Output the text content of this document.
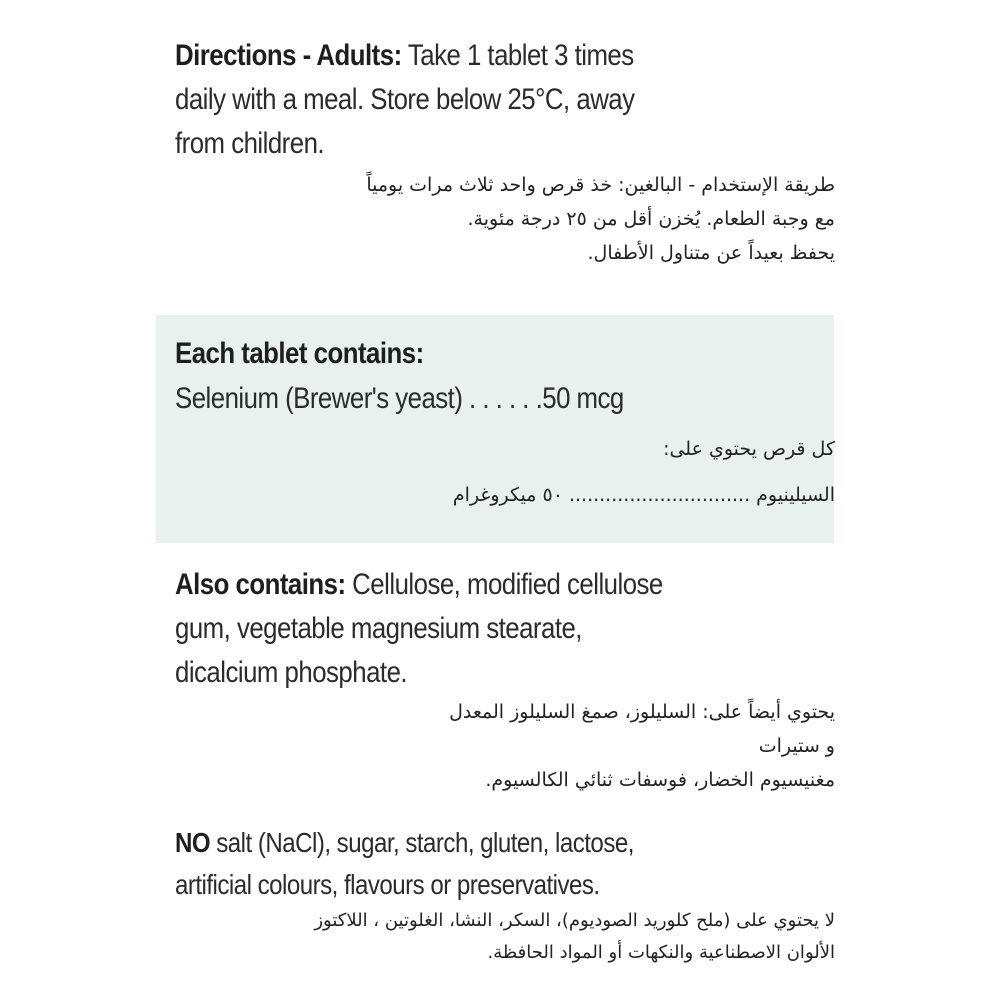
Directions - Adults: Take 1 tablet 3 times
daily with a meal. Store below 25°C, away
from children.
طريقة الإستخدام - البالغين: خذ قرص واحد ثلاث مرات يومياً
مع وجبة الطعام. يُخزن أقل من ٢٥ درجة مئوية.
يحفظ بعيداً عن متناول الأطفال.
Each tablet contains:
Selenium (Brewer's yeast) . . . . . .50 mcg
كل قرص يحتوي على:
السيلينيوم .............................. ٥٠ ميكروغرام
Also contains: Cellulose, modified cellulose
gum, vegetable magnesium stearate,
dicalcium phosphate.
يحتوي أيضاً على: السليلوز، صمغ السليلوز المعدل
و ستيرات
مغنيسيوم الخضار، فوسفات ثنائي الكالسيوم.
NO salt (NaCl), sugar, starch, gluten, lactose,
artificial colours, flavours or preservatives.
لا يحتوي على (ملح كلوريد الصوديوم)، السكر، النشا، الغلوتين ، اللاكتوز
الألوان الاصطناعية والنكهات أو المواد الحافظة.
